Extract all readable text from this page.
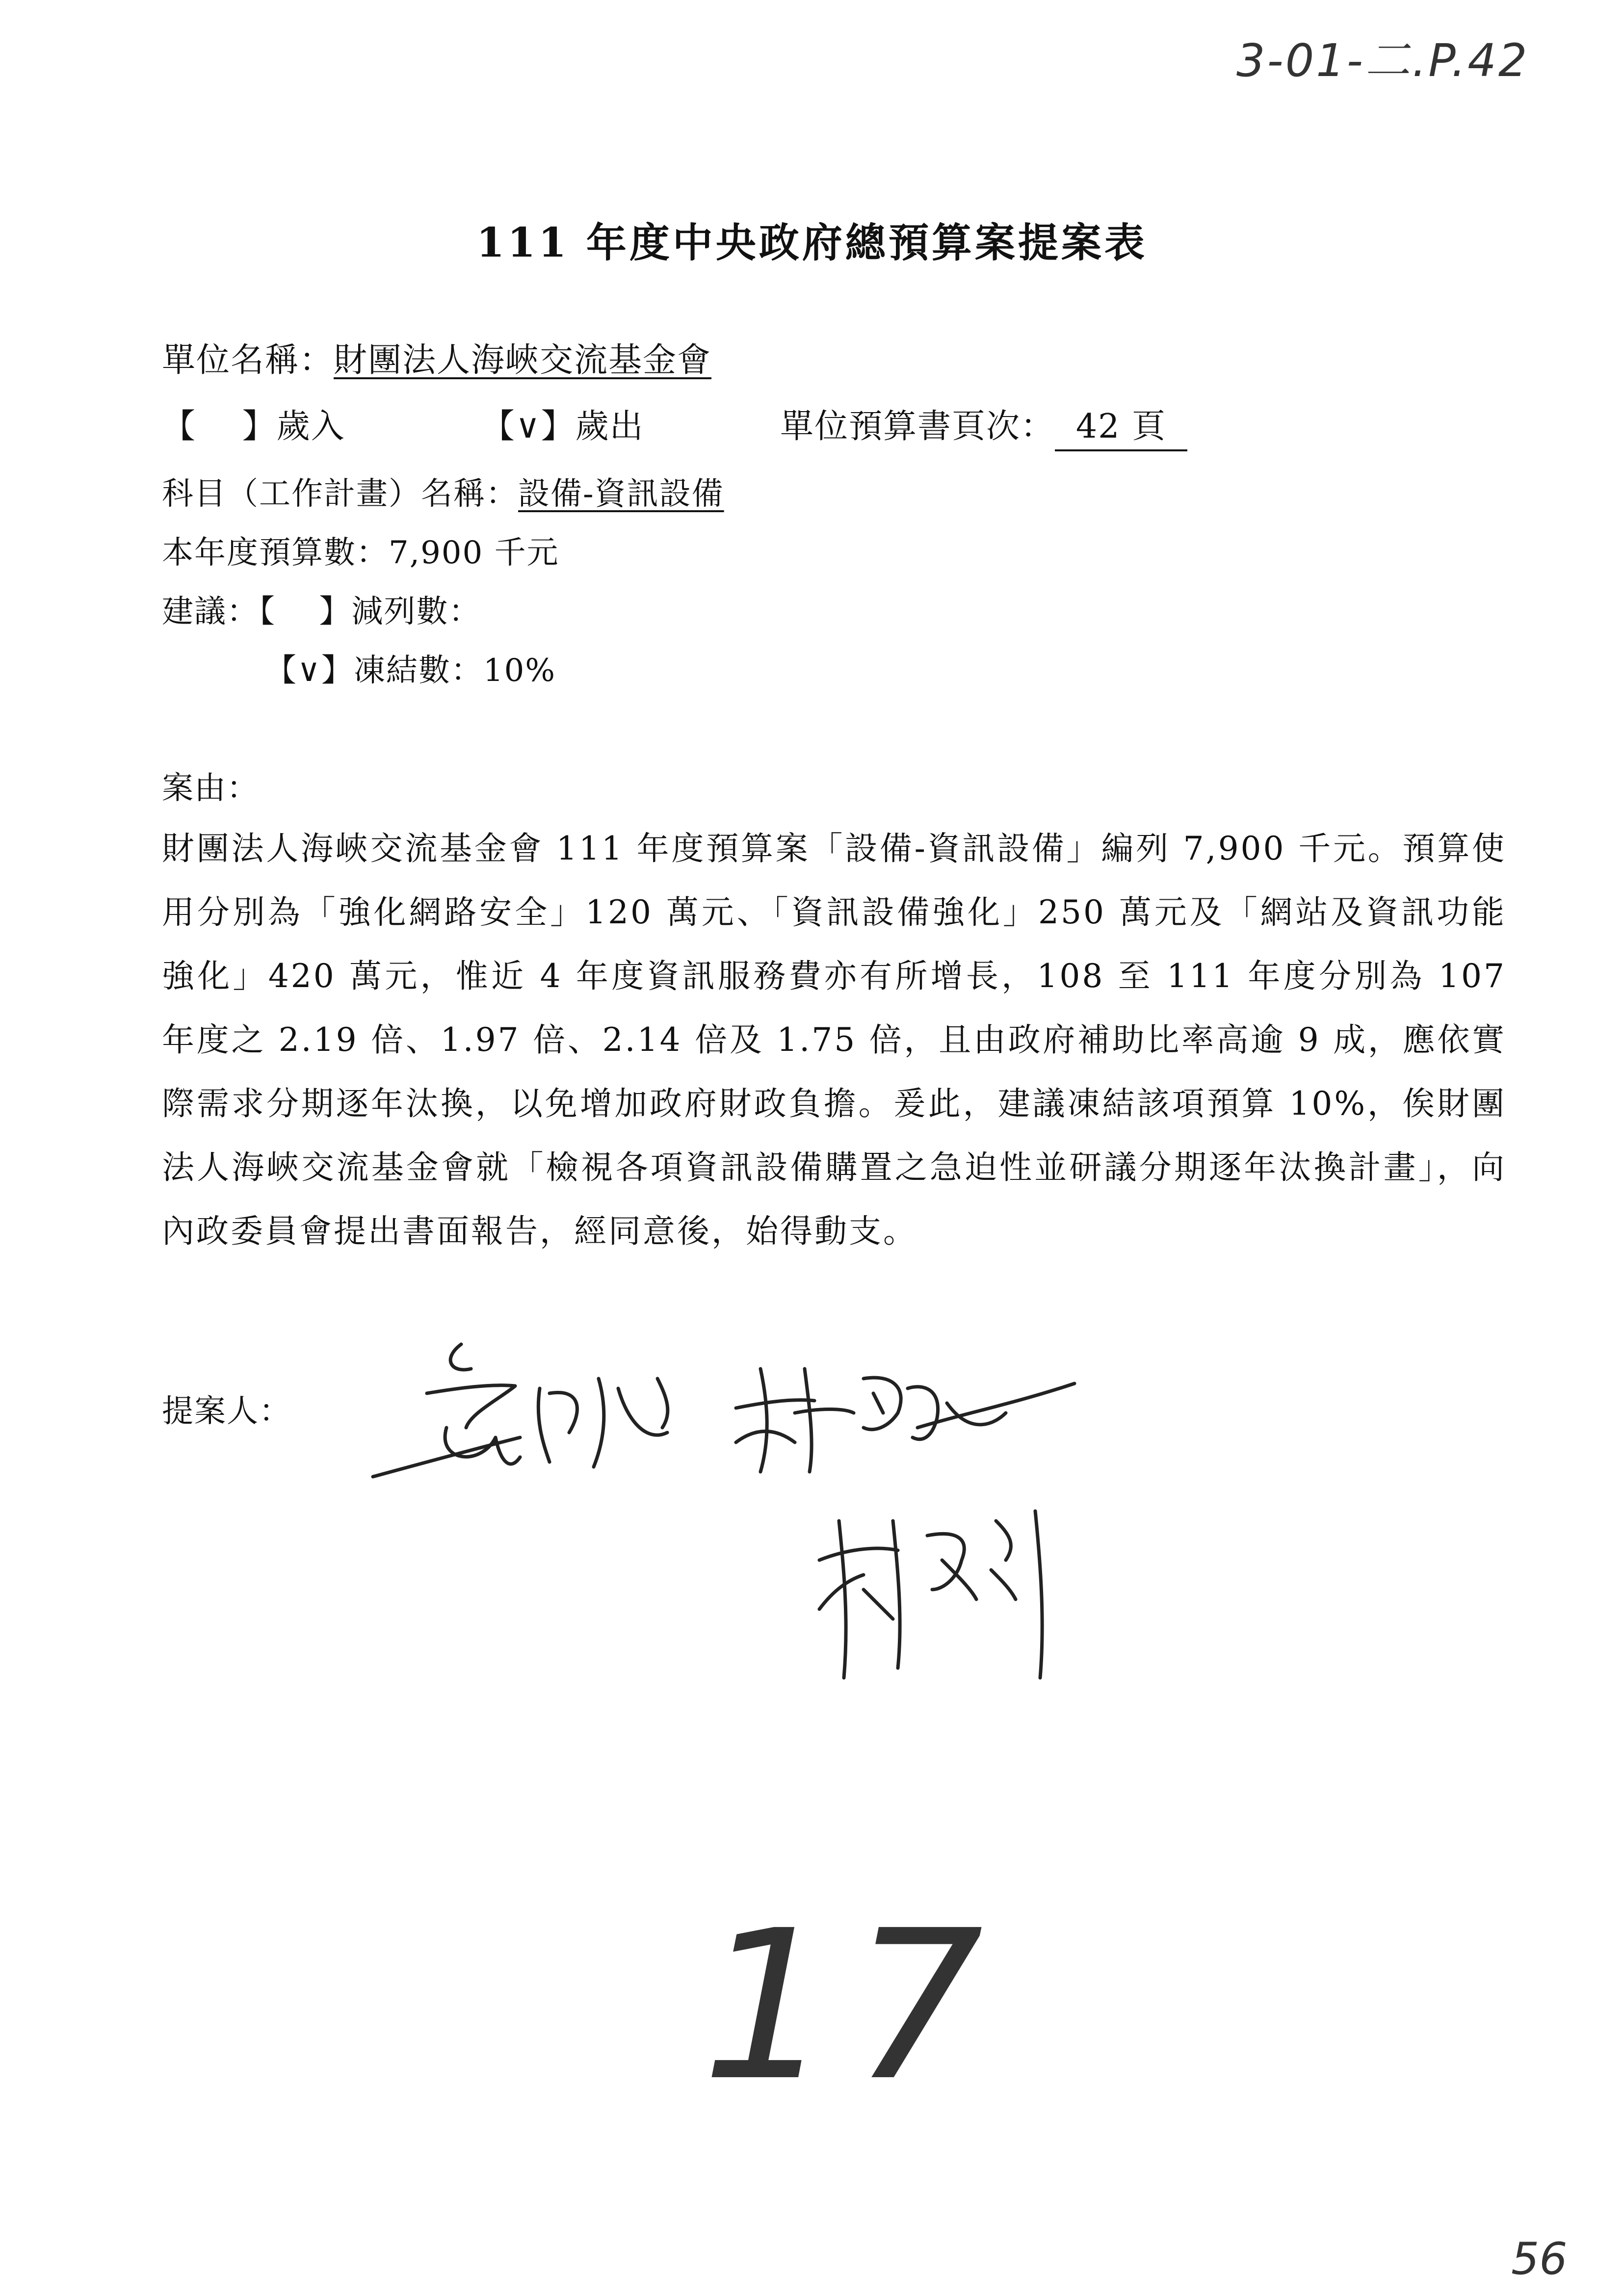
3-01-二.P.42
111 年度中央政府總預算案提案表
單位名稱：財團法人海峽交流基金會
【　 】歲入	【∨】歲出	單位預算書頁次： 42 頁
科目（工作計畫）名稱：設備-資訊設備
本年度預算數：7,900 千元
建議：【　 】減列數：
【∨】凍結數：10%
案由：
財團法人海峽交流基金會 111 年度預算案「設備-資訊設備」編列 7,900 千元。預算使用分別為「強化網路安全」120 萬元、「資訊設備強化」250 萬元及「網站及資訊功能強化」420 萬元，惟近 4 年度資訊服務費亦有所增長，108 至 111 年度分別為 107 年度之 2.19 倍、1.97 倍、2.14 倍及 1.75 倍，且由政府補助比率高逾 9 成，應依實際需求分期逐年汰換，以免增加政府財政負擔。爰此，建議凍結該項預算 10%，俟財團法人海峽交流基金會就「檢視各項資訊設備購置之急迫性並研議分期逐年汰換計畫」，向內政委員會提出書面報告，經同意後，始得動支。
提案人：
17
56
